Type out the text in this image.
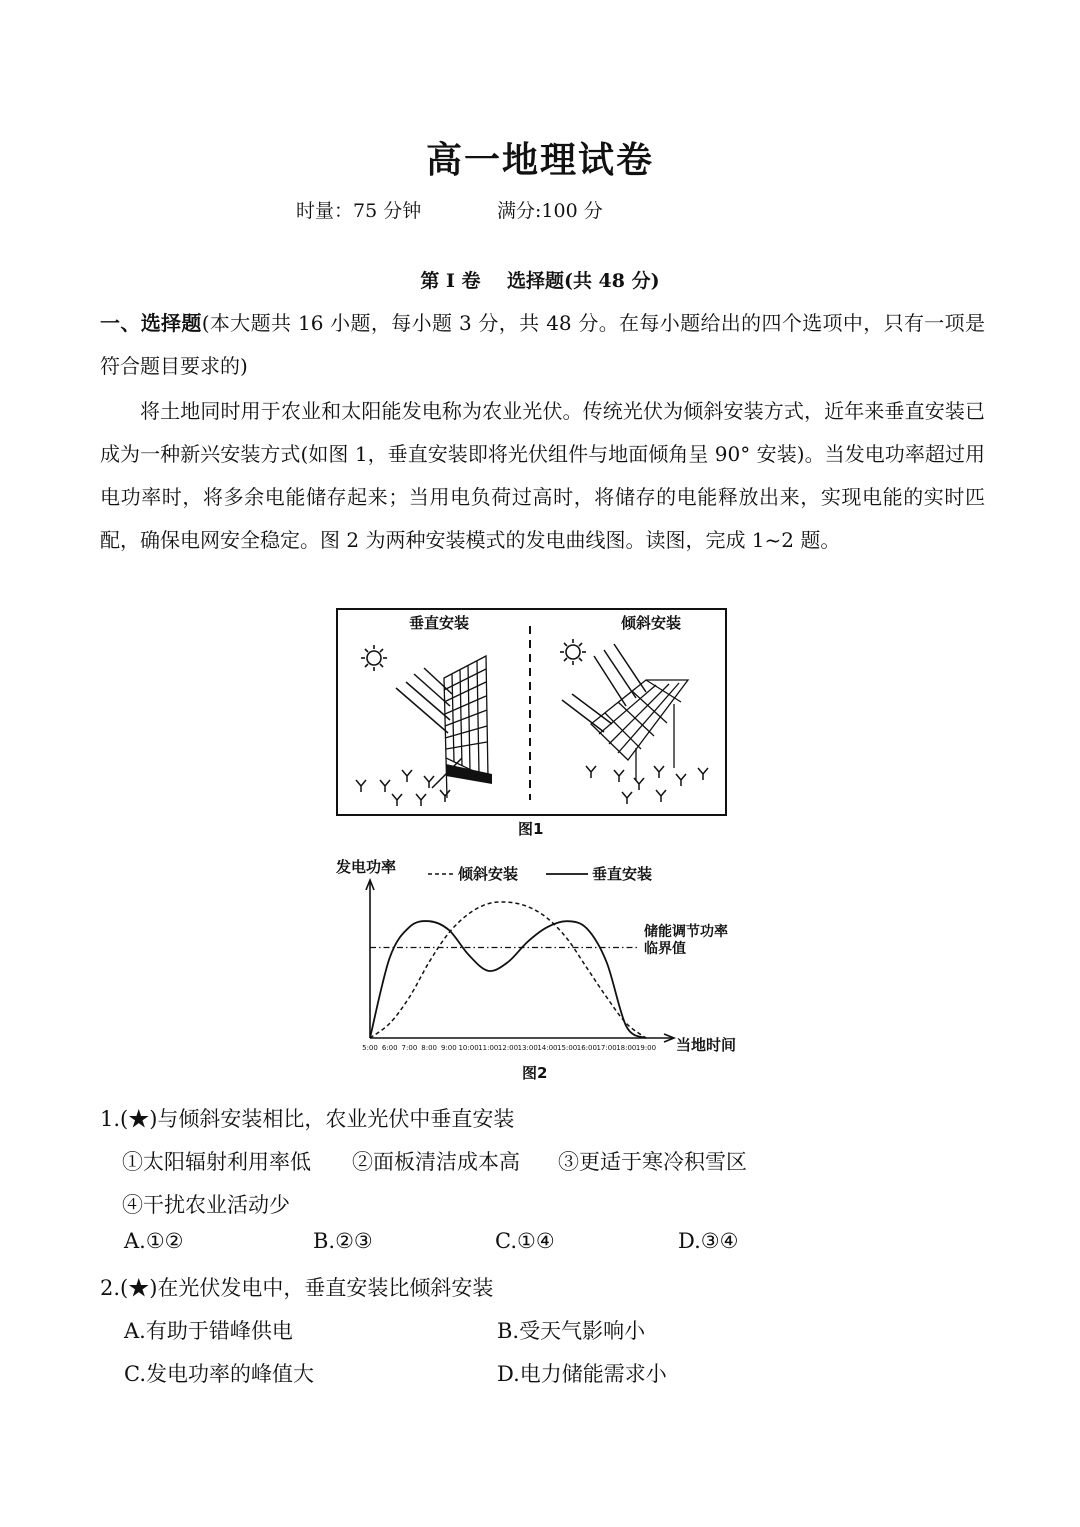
高一地理试卷
时量：75 分钟	满分:100 分
第 Ⅰ 卷    选择题(共 48 分)
一、选择题(本大题共 16 小题，每小题 3 分，共 48 分。在每小题给出的四个选项中，只有一项是符合题目要求的)
将土地同时用于农业和太阳能发电称为农业光伏。传统光伏为倾斜安装方式，近年来垂直安装已成为一种新兴安装方式(如图 1，垂直安装即将光伏组件与地面倾角呈 90° 安装)。当发电功率超过用电功率时，将多余电能储存起来；当用电负荷过高时，将储存的电能释放出来，实现电能的实时匹配，确保电网安全稳定。图 2 为两种安装模式的发电曲线图。读图，完成 1~2 题。
垂直安装	倾斜安装
图1
发电功率
当地时间
储能调节功率
临界值
倾斜安装	垂直安装
5:00 6:00 7:00 8:00 9:00 10:00 11:00 12:00 13:00 14:00 15:00 16:00 17:00 18:00 19:00
图2
1.(★)与倾斜安装相比，农业光伏中垂直安装
①太阳辐射利用率低 ②面板清洁成本高 ③更适于寒冷积雪区
④干扰农业活动少
A.①②	B.②③	C.①④	D.③④
2.(★)在光伏发电中，垂直安装比倾斜安装
A.有助于错峰供电	B.受天气影响小
C.发电功率的峰值大	D.电力储能需求小
